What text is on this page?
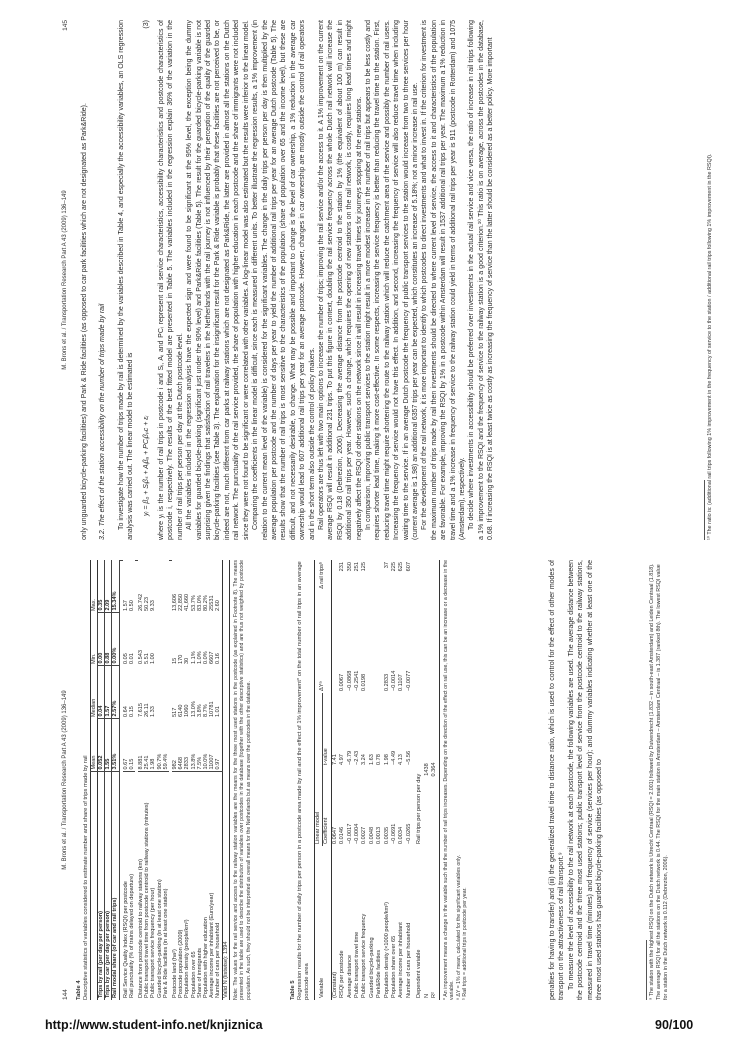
144
M. Brons et al. / Transportation Research Part A 43 (2009) 136–149
Table 4 Descriptive statistics of variables considered to estimate number and share of trips made by rail
	Mean	Median	Min.	Max.
Trips by rail (per day per person)	0.052	0.04	0.00	0.35
Trips by car (per day per person)	1.55	1.57	0.88	2.09
Rail modal share (of car and rail trips)	3.51%	2.57%	0.00%	15.34%

Rail Service Quality Index (RSQI) per postcode	0.67	0.64	0.05	1.57
Rail punctuality (% of trains delayed on departure)	0.15	0.15	0.01	0.50

Distance from postcode centroid to railway stations (km)	8.881	7.615	0.543	26.742
Public transport travel time from postcode centroid to railway stations (minutes)	25.41	26.11	5.51	50.23
Public transport service frequency (per hour)	1.98	1.33	1.00	9.33
Guarded bicycle-parking (in at least one station)	90.7%			
Park & Ride facilities (in at least one station)	59.4%			

Postcode land (ha²)	982	517	15	13,606
Postcode population (2009)	6468	6140	170	22,850
Population density (people/km²)	2833	1060	30	41,660
Population over 65	13.8%	13.0%	1.1%	53.7%
Share of immigrants	7.5%	3.8%	1.0%	83.0%
Population with higher education	10.0%	8.7%	0.0%	80.2%
Average income per inhabitant (Euro/year)	11007	10781	6607	25531
Number of cars per household	0.97	1.01	0.16	2.60
Valid N (listwise): 1394				Note: The values for the rail service and access to the railway station variables are the means for the three most used stations in the postcode (as explained in Footnote 8). The means presented in the table are used to describe the distribution of variables over postcodes in the database (together with the other descriptive statistics) and are thus not weighted by postcode population. As such, they should not be interpreted as overall means for the Netherlands but as means over the postcodes in the database.	Table 5 Regression results for the number of daily trips per person in a postcode area made by rail and the effect of 1% improvement* on the total number of rail trips in an average postcode area Variable	Linear model		ΔYᵃ	Δ rail tripsᵇ
	Coefficient	t-value		
(Constant)	0.0647	7.41		
RSQI per postcode	0.0146	4.97	0.0067	231
Average distance	−0.0017	−6.79	−0.0868	350
Public transport travel time	−0.0004	−2.43	−0.2541	251
Public transport service frequency	0.0027	3.24	0.0198	125
Guarded bicycle-parking	0.0048	1.63		
Park&Ride facilities	0.0013	0.78		
Population density (×1000 people/km²)	0.0035	1.98	0.2833	37
Population share over 65	−0.0691	−4.49	−0.0014	225
Average income per inhabitant	0.0034	4.13	0.1107	625
Number of cars per household	−0.0265	−5.56	−0.0077	607

Dependent variable	Rail trips per person per day			
N	1438			
R²	0.364			* An improvement means a change in the variable such that the number of rail trips increases. Depending on the direction of the effect on rail use, this can be an increase or a decrease in the variable. ᵃ ΔY = 1% of mean, calculated for the significant variables only. ᵇ Rail trips = additional trips in postcode per year.	penalties for having to transfer) and (iii) the generalized travel time to distance ratio, which is used to control for the effect of other modes of transport on the attractiveness of rail transport.⁹ To measure the level of accessibility to the rail network at each postcode, the following variables are used. The average distance between the postcode centroid and the three most used stations; public transport level of service from the postcode centroid to the railway stations, measured in travel time (minutes) and frequency of service (services per hour); and dummy variables indicating whether at least one of the three most used stations has guarded bicycle-parking facilities (as opposed to	⁹ The station with the highest RSQI on the Dutch network is Utrecht Centraal (RSQI = 2.001) followed by Duivendrecht (1.832 – in south-east Amsterdam) and Leiden Centraal (1.818). The average RSQI for all the stations on the Dutch network is 0.44. The RSQI for the main station in Amsterdam – Amsterdam Centraal – is 1.387 (ranked 8th). The lowest RSQI value for a station in the Dutch network is 0.112 (Debrezion, 2006).
M. Brons et al. / Transportation Research Part A 43 (2009) 136–149
145

only unguarded bicycle-parking facilities) and Park & Ride facilities (as opposed to car park facilities which are not designated as Park&Ride). 3.2. The effect of the station accessibility on the number of trips made by rail To investigate how the number of trips made by rail is determined by the variables described in Table 4, and especially the accessibility variables, an OLS regression analysis was carried out. The linear model to be estimated is yᵢ = β₀ + Sᵢβₛ + Aᵢβₐ + PCᵢβₚc + εᵢ
(3) where yᵢ is the number of rail trips in postcode i and Sᵢ, Aᵢ and PCᵢ represent rail service characteristics, accessibility characteristics and postcode characteristics of postcode i, respectively. The results of the best fitted model are presented in Table 5. The variables included in the regression explain 36% of the variation in the number of rail trips per person per day at the Dutch postcode level. All the variables included in the regression analysis have the expected sign and were found to be significant at the 95% level, the exception being the dummy variables for guarded bicycle-parking (significant just under the 90% level) and Park&Ride facilities (Table 5). The result for the guarded bicycle-parking variable is not surprising given the findings that satisfaction of rail travelers in the Netherlands with the rail journey is not influenced by their perception of the quality of the guarded bicycle-parking facilities (see Table 3). The explanation for the insignificant result for the Park & Ride variable is probably that these facilities are not perceived to be, or indeed are not, much different from car parks at railway stations which are not designated as Park&Ride, the latter are provided in almost all the stations on the Dutch rail network. The punctuality of the rail service provided, the share of population with higher education in each postcode and the share of immigrants were not included since they were not found to be significant or were correlated with other variables. A log-linear model was also estimated but the results were inferior to the linear model. Comparing the coefficients in the linear model is difficult, since each is measured in different units. To better illustrate the regression results, a 1% improvement (in relation to the current mean level of the variable) is considered for the significant variables. The change in the daily trips per person per day is then multiplied by the average population per postcode and the number of days per year to yield the number of additional rail trips per year for an average Dutch postcode (Table 5). The results show that the number of rail trips is most sensitive to the characteristics of the population (share of population over 65 and the income level), but these are difficult, and not necessarily desirable, to change. What may be possible and important to change is the level of car ownership, a 1% reduction in the average car ownership would lead to 607 additional rail trips per year for an average postcode. However, changes in car ownership are mostly outside the control of rail operators and in the short term also outside the control of policy makers. Rail operators are thus left with two main options to increase the number of trips; improving the rail service and/or the access to it. A 1% improvement on the current average RSQI will result in additional 231 trips. To put this figure in context, doubling the rail service frequency across the whole Dutch rail network will increase the RSQI by 0.18 (Debrezion, 2006). Decreasing the average distance from the postcode centroid to the station by 1% (the equivalent of about 100 m) can result in additional 350 rail trips per year. However, such a change, which requires the opening of new stations on the rail network, is costly, requires long lead times and might negatively affect the RSQI of other stations on the network since it will result in increasing travel times for journeys stopping at the new stations. In comparison, improving public transport services to the station might result in a more modest increase in the number of rail trips but appears to be less costly and requires shorter lead time, making it more cost-effective. In some respects, increasing the service frequency is better than reducing the travel time to the station. First, reducing travel time might require shortening the route to the railway station which will reduce the catchment area of the service and possibly the number of rail users. Increasing the frequency of service would not have this effect. In addition, and second, increasing the frequency of service will also reduce travel time when including waiting time to the service. If in an average Dutch postcode the frequency of public transport services to the station would increase from two to three services per hour (current average is 1.98) an additional 6357 trips per year can be expected, which constitutes an increase of 5.18%; not a minor increase in rail use. For the development of the rail network, it is more important to identify to which postcodes to direct investments and what to invest in. If the criterion for investment is the maximum number of trips made by rail then investments should be directed to where current level of service, the access to it and characteristics of the population are favorable. For example, improving the RSQI by 1% in a postcode within Amsterdam will result in 1537 additional rail trips per year. The maximum a 1% reduction in travel time and a 1% increase in frequency of service to the railway station could yield in terms of additional rail trips per year is 911 (postcode in Rotterdam) and 1075 (Amsterdam), respectively. To decide where investments in accessibility should be preferred over investments in the actual rail service and vice versa, the ratio of increase in rail trips following a 1% improvement to the RSQI and the frequency of service to the railway station is a good criterion.¹⁰ This ratio is on average, across the postcodes in the database, 0.68. If increasing the RSQI is at least twice as costly as increasing the frequency of service than the latter should be considered as a better policy. More important	¹⁰ The ratio is: (additional rail trips following 1% improvement in the frequency of service to the station / additional rail trips following 1% improvement in the RSQI).
http://www.student-info.net/knjiznica	90/100
